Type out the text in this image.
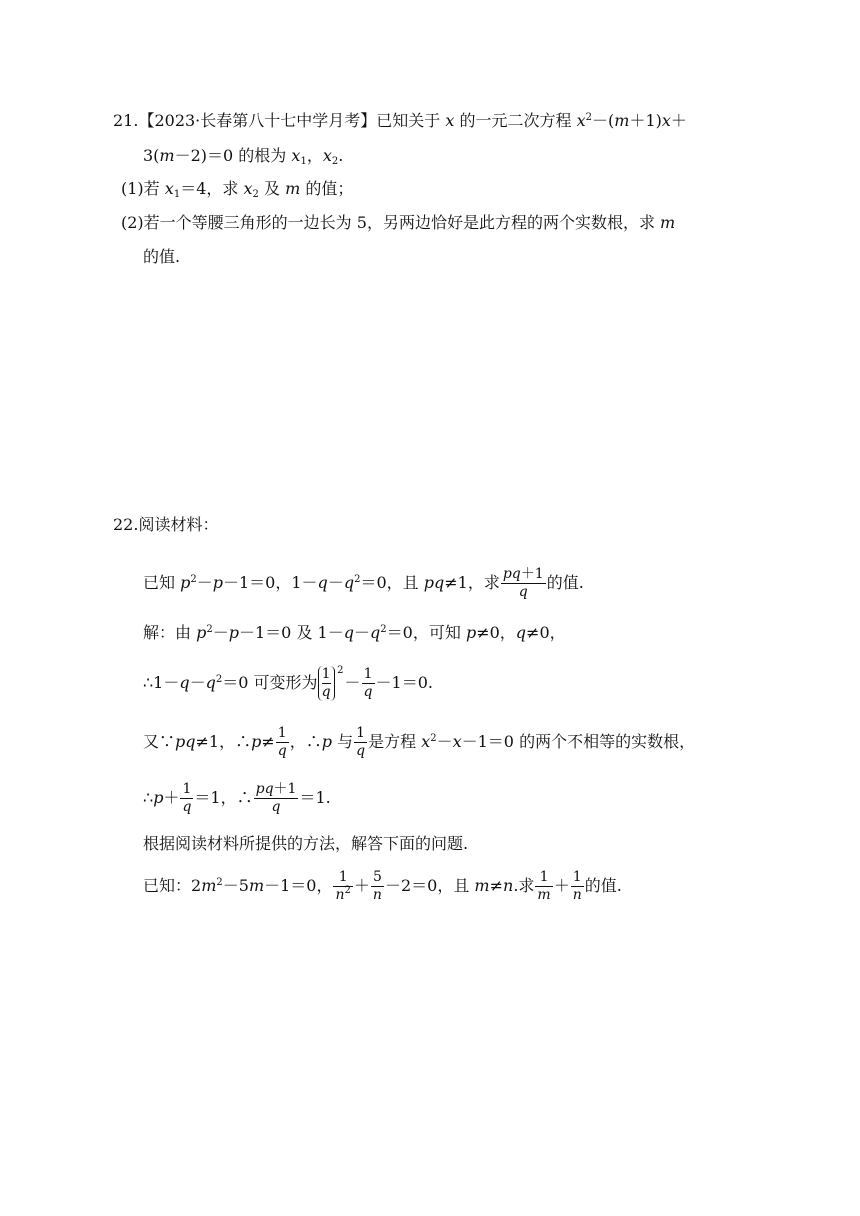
21.【2023·长春第八十七中学月考】已知关于 x 的一元二次方程 $x^2-(m+1)x+$
3(m－2)＝0 的根为 $x_1$，$x_2$.
(1)若 $x_1=4$，求 $x_2$ 及 m 的值；
(2)若一个等腰三角形的一边长为 5，另两边恰好是此方程的两个实数根，求 m
的值.
22.阅读材料：
已知 $p^2-p-1=0$，$1-q-q^2=0$，且 pq≠1，求 $\frac{pq+1}{q}$ 的值.
解：由 $p^2-p-1=0$ 及 $1-q-q^2=0$，可知 p≠0，q≠0，
$\therefore 1-q-q^2=0$ 可变形为 1
q
2
－ $\frac{1}{q} -1=0$.
又∵pq≠1，∴p≠ $\frac{1}{q}$ ，∴p 与 $\frac{1}{q}$ 是方程 $x^2-x-1=0$ 的两个不相等的实数根，
∴p＋ $\frac{1}{q} =1$，∴ $\frac{pq+1}{q} =1$.
根据阅读材料所提供的方法，解答下面的问题.
已知：$2m^2-5m-1=0$， $\frac{1}{n^2} + \frac{5}{n} -2=0$，且 m≠n.求 $\frac{1}{m} + \frac{1}{n}$ 的值.
